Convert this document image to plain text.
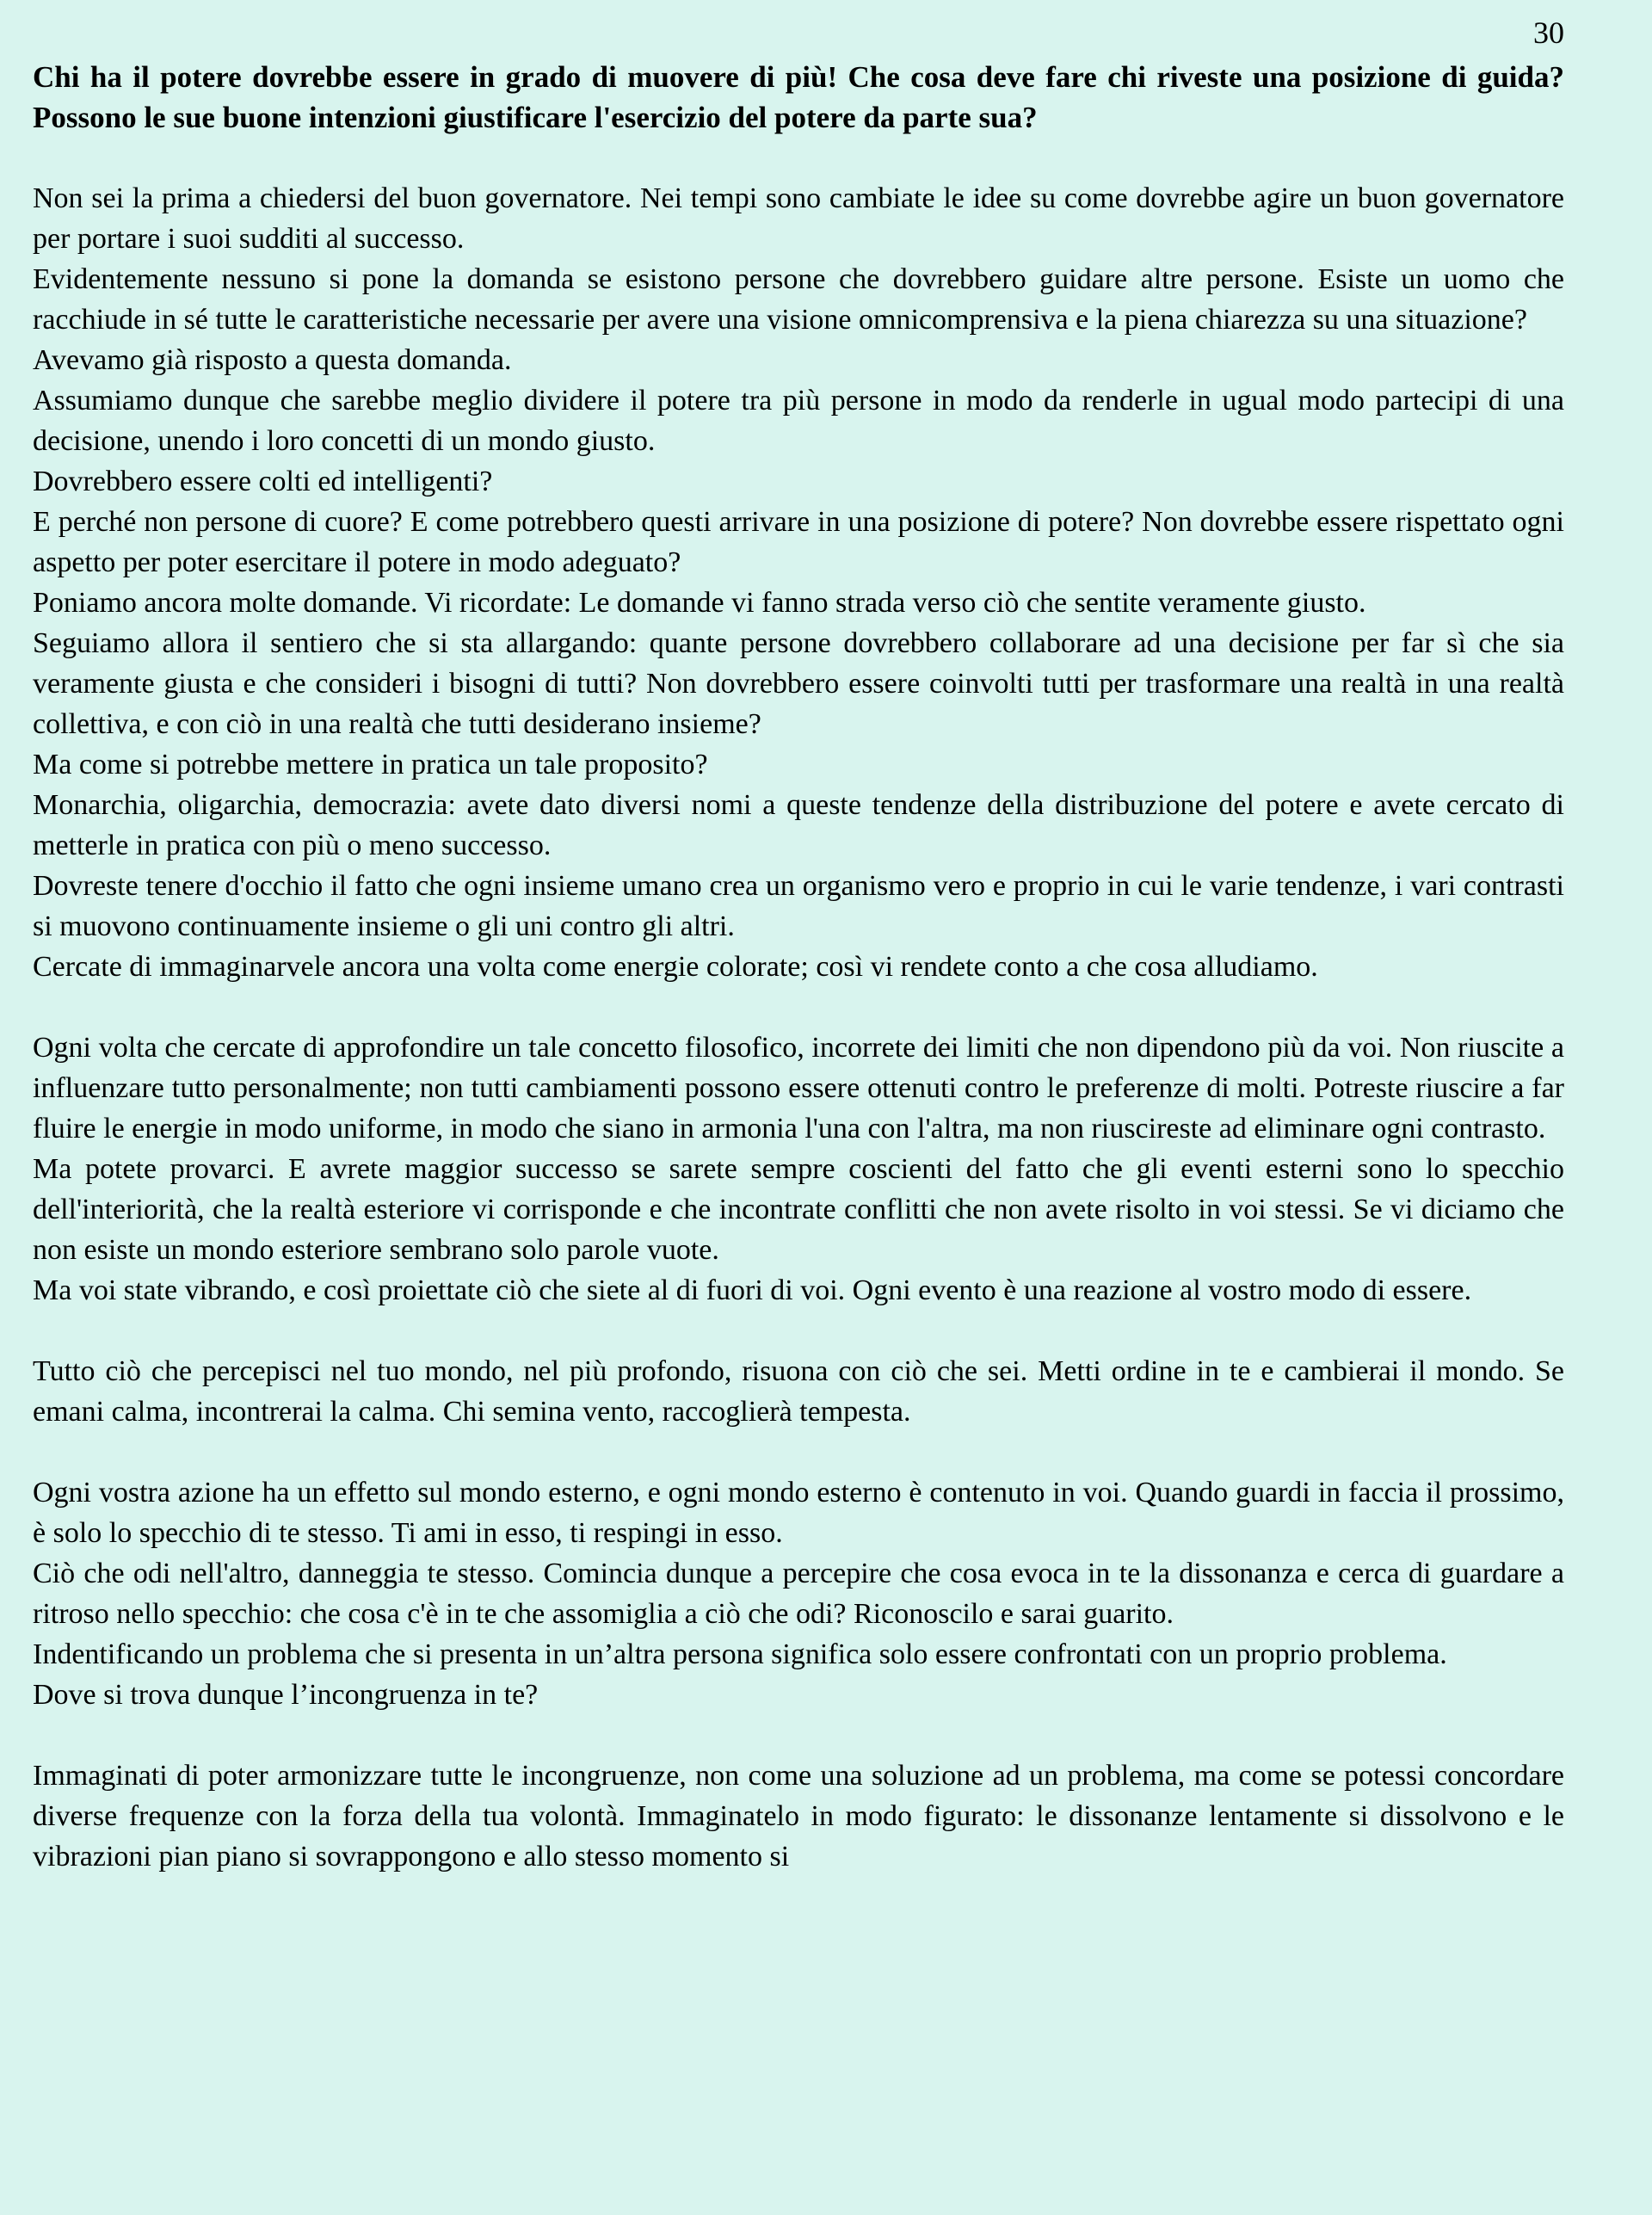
30
Chi ha il potere dovrebbe essere in grado di muovere di più! Che cosa deve fare chi riveste una posizione di guida? Possono le sue buone intenzioni giustificare l'esercizio del potere da parte sua?

Non sei la prima a chiedersi del buon governatore. Nei tempi sono cambiate le idee su come dovrebbe agire un buon governatore per portare i suoi sudditi al successo.

Evidentemente nessuno si pone la domanda se esistono persone che dovrebbero guidare altre persone. Esiste un uomo che racchiude in sé tutte le caratteristiche necessarie per avere una visione omnicomprensiva e la piena chiarezza su una situazione?

Avevamo già risposto a questa domanda.

Assumiamo dunque che sarebbe meglio dividere il potere tra più persone in modo da renderle in ugual modo partecipi di una decisione, unendo i loro concetti di un mondo giusto.

Dovrebbero essere colti ed intelligenti?

E perché non persone di cuore? E come potrebbero questi arrivare in una posizione di potere? Non dovrebbe essere rispettato ogni aspetto per poter esercitare il potere in modo adeguato?

Poniamo ancora molte domande. Vi ricordate: Le domande vi fanno strada verso ciò che sentite veramente giusto.

Seguiamo allora il sentiero che si sta allargando: quante persone dovrebbero collaborare ad una decisione per far sì che sia veramente giusta e che consideri i bisogni di tutti? Non dovrebbero essere coinvolti tutti per trasformare una realtà in una realtà collettiva, e con ciò in una realtà che tutti desiderano insieme?

Ma come si potrebbe mettere in pratica un tale proposito?

Monarchia, oligarchia, democrazia: avete dato diversi nomi a queste tendenze della distribuzione del potere e avete cercato di metterle in pratica con più o meno successo.

Dovreste tenere d'occhio il fatto che ogni insieme umano crea un organismo vero e proprio in cui le varie tendenze, i vari contrasti si muovono continuamente insieme o gli uni contro gli altri.

Cercate di immaginarvele ancora una volta come energie colorate; così vi rendete conto a che cosa alludiamo.

Ogni volta che cercate di approfondire un tale concetto filosofico, incorrete dei limiti che non dipendono più da voi. Non riuscite a influenzare tutto personalmente; non tutti cambiamenti possono essere ottenuti contro le preferenze di molti. Potreste riuscire a far fluire le energie in modo uniforme, in modo che siano in armonia l'una con l'altra, ma non riuscireste ad eliminare ogni contrasto.

Ma potete provarci. E avrete maggior successo se sarete sempre coscienti del fatto che gli eventi esterni sono lo specchio dell'interiorità, che la realtà esteriore vi corrisponde e che incontrate conflitti che non avete risolto in voi stessi. Se vi diciamo che non esiste un mondo esteriore sembrano solo parole vuote.

Ma voi state vibrando, e così proiettate ciò che siete al di fuori di voi. Ogni evento è una reazione al vostro modo di essere.

Tutto ciò che percepisci nel tuo mondo, nel più profondo, risuona con ciò che sei. Metti ordine in te e cambierai il mondo. Se emani calma, incontrerai la calma. Chi semina vento, raccoglierà tempesta.

Ogni vostra azione ha un effetto sul mondo esterno, e ogni mondo esterno è contenuto in voi. Quando guardi in faccia il prossimo, è solo lo specchio di te stesso. Ti ami in esso, ti respingi in esso.

Ciò che odi nell'altro, danneggia te stesso. Comincia dunque a percepire che cosa evoca in te la dissonanza e cerca di guardare a ritroso nello specchio: che cosa c'è in te che assomiglia a ciò che odi? Riconoscilo e sarai guarito.

Indentificando un problema che si presenta in un’altra persona significa solo essere confrontati con un proprio problema.

Dove si trova dunque l’incongruenza in te?

Immaginati di poter armonizzare tutte le incongruenze, non come una soluzione ad un problema, ma come se potessi concordare diverse frequenze con la forza della tua volontà. Immaginatelo in modo figurato: le dissonanze lentamente si dissolvono e le vibrazioni pian piano si sovrappongono e allo stesso momento si
